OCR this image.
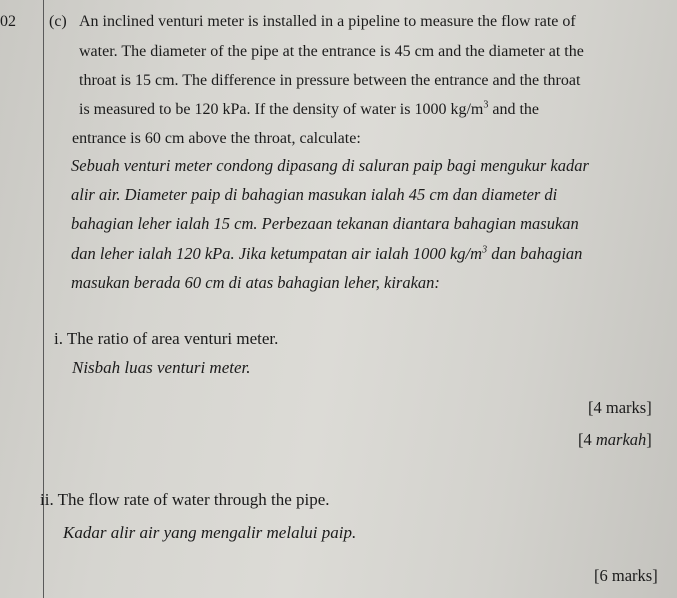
02 (c) An inclined venturi meter is installed in a pipeline to measure the flow rate of
water. The diameter of the pipe at the entrance is 45 cm and the diameter at the
throat is 15 cm. The difference in pressure between the entrance and the throat
is measured to be 120 kPa. If the density of water is 1000 $kg/m^3$ and the
entrance is 60 cm above the throat, calculate:
Sebuah venturi meter condong dipasang di saluran paip bagi mengukur kadar
alir air. Diameter paip di bahagian masukan ialah 45 cm dan diameter di
bahagian leher ialah 15 cm. Perbezaan tekanan diantara bahagian masukan
dan leher ialah 120 kPa. Jika ketumpatan air ialah 1000 $kg/m^3$ dan bahagian
masukan berada 60 cm di atas bahagian leher, kirakan:
i. The ratio of area venturi meter.
Nisbah luas venturi meter.
[4 marks]
[4 markah]
ii. The flow rate of water through the pipe.
Kadar alir air yang mengalir melalui paip.
[6 marks]
